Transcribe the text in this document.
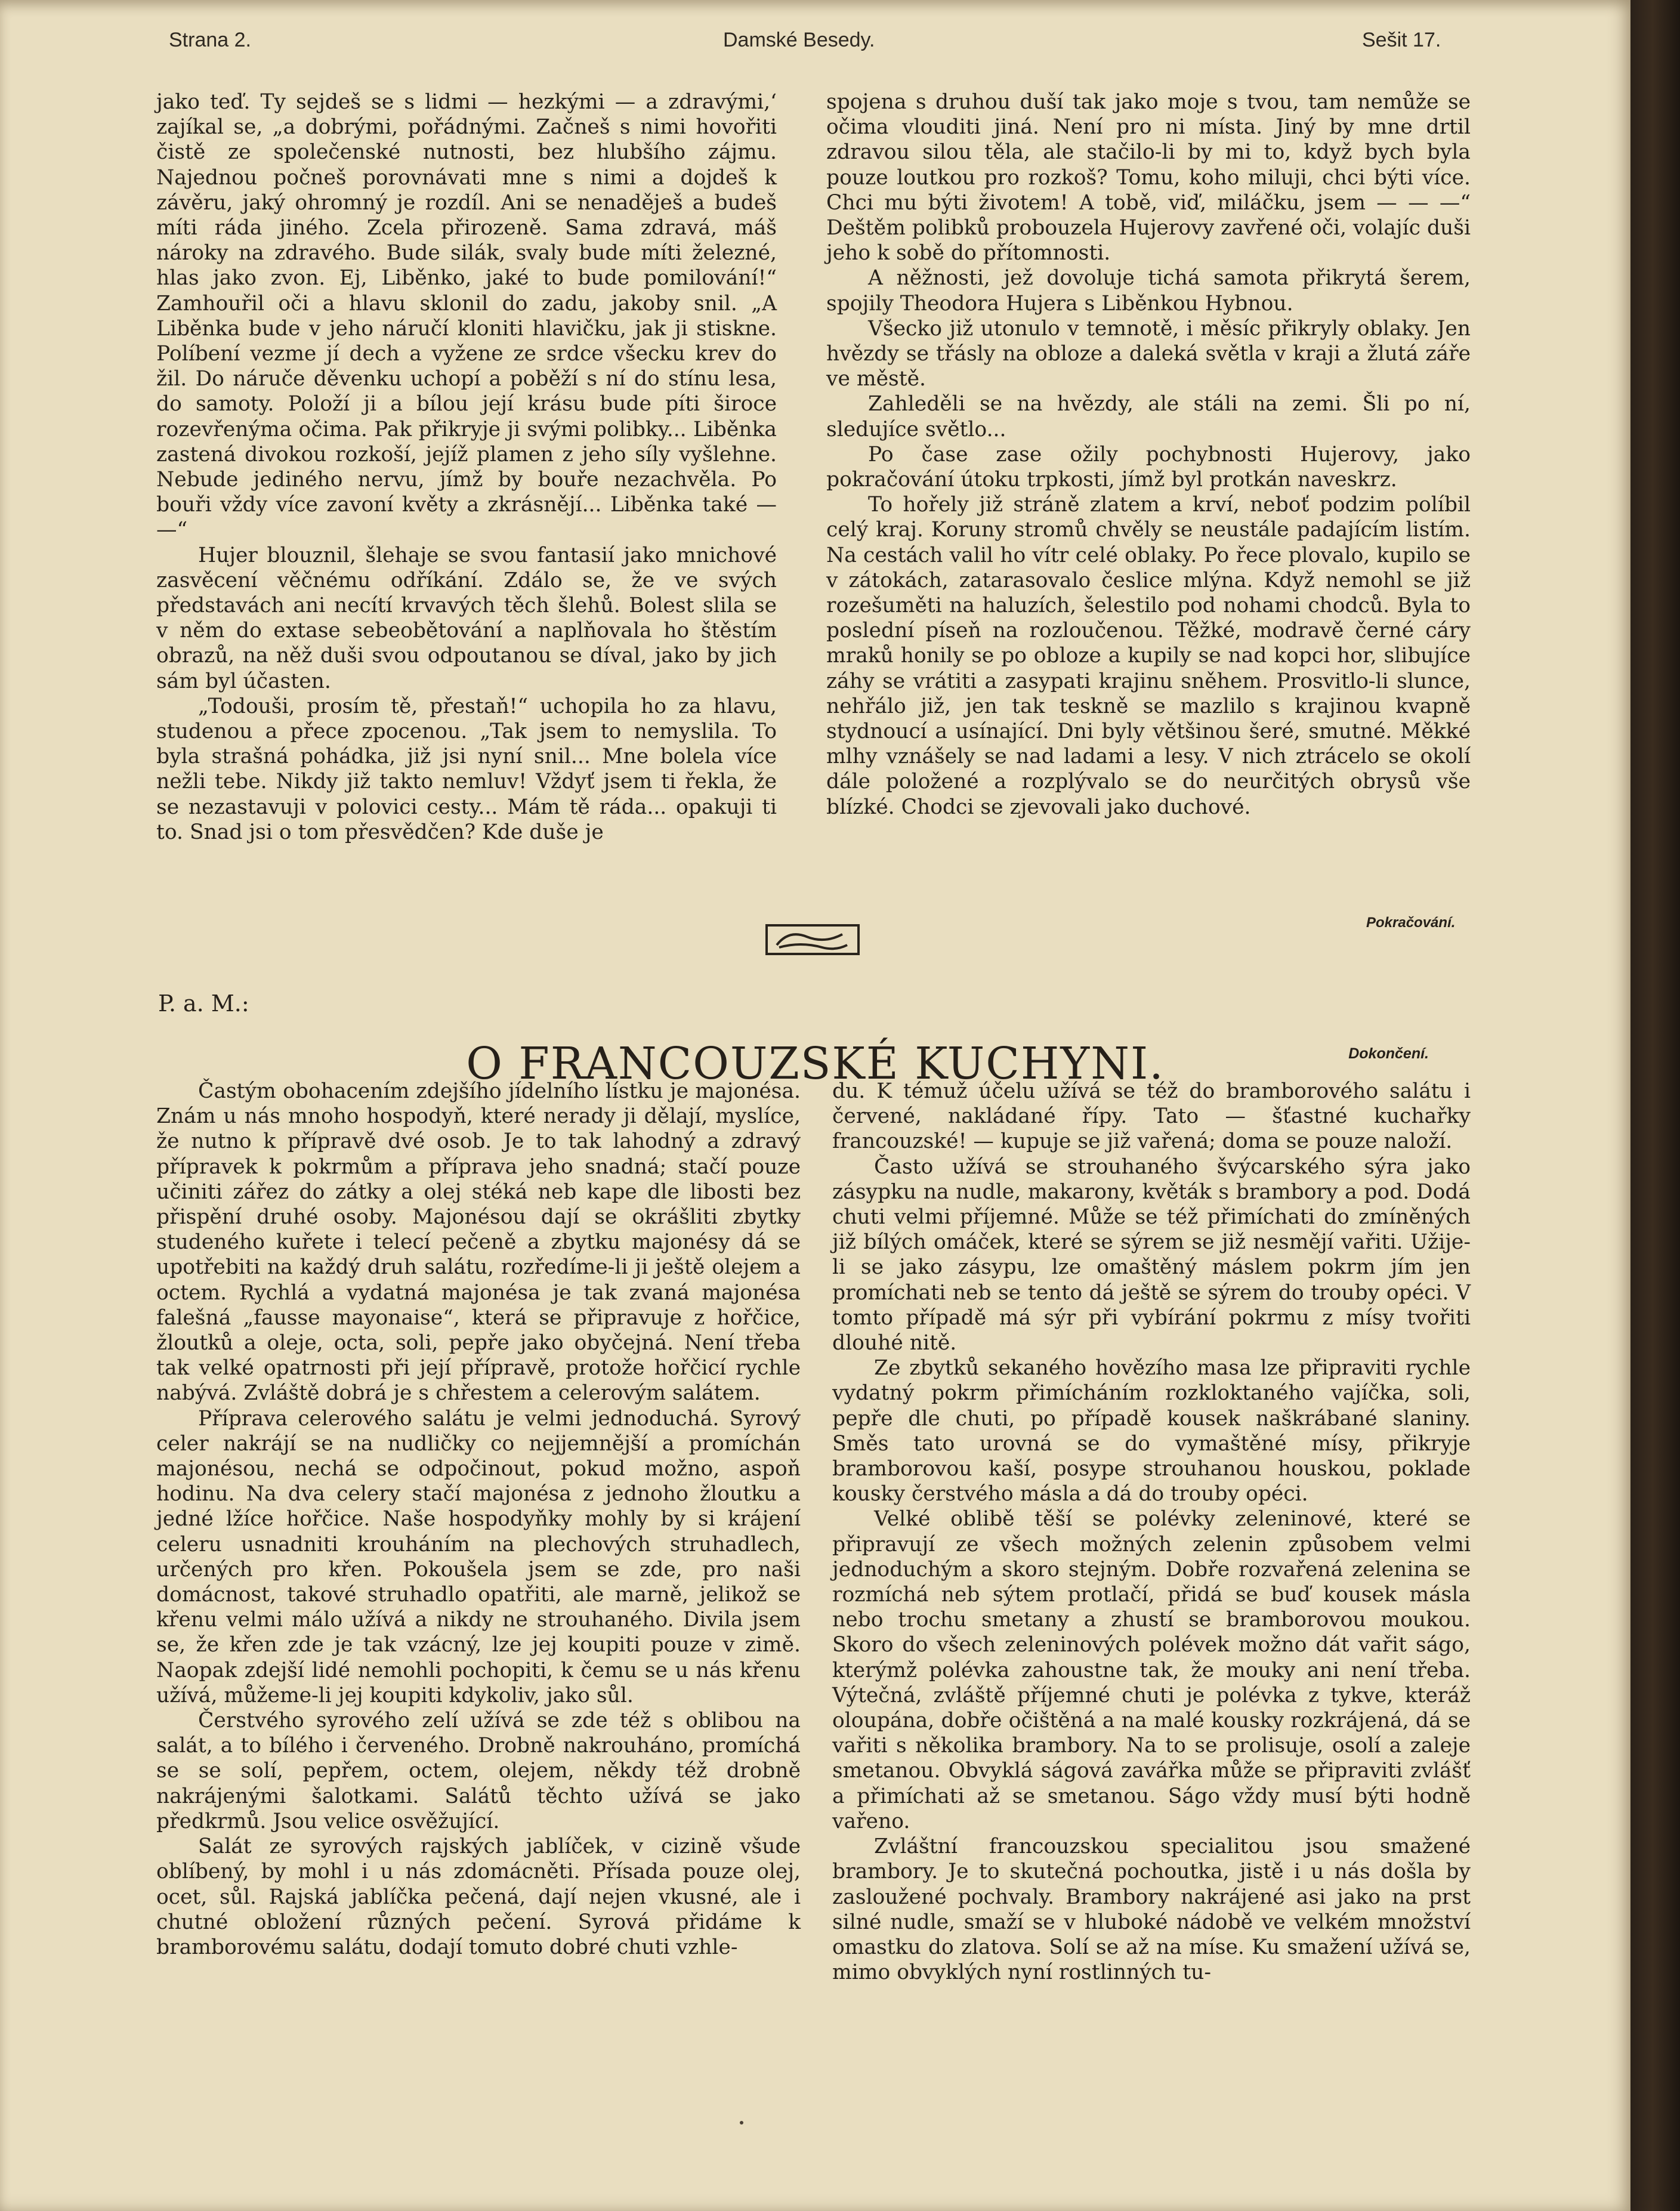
Strana 2.	Damské Besedy.	Sešit 17.

jako teď. Ty sejdeš se s lidmi — hezkými — a zdravými,‘ zajíkal se, „a dobrými, pořádnými. Začneš s nimi hovořiti čistě ze společenské nutnosti, bez hlubšího zájmu. Najednou počneš porovnávati mne s nimi a dojdeš k závěru, jaký ohromný je rozdíl. Ani se nenaděješ a budeš míti ráda jiného. Zcela přirozeně. Sama zdravá, máš nároky na zdravého. Bude silák, svaly bude míti železné, hlas jako zvon. Ej, Liběnko, jaké to bude pomilování!“ Zamhouřil oči a hlavu sklonil do zadu, jakoby snil. „A Liběnka bude v jeho náručí kloniti hlavičku, jak ji stiskne. Políbení vezme jí dech a vyžene ze srdce všecku krev do žil. Do náruče děvenku uchopí a poběží s ní do stínu lesa, do samoty. Položí ji a bílou její krásu bude píti široce rozevřenýma očima. Pak přikryje ji svými polibky... Liběnka zastená divokou rozkoší, jejíž plamen z jeho síly vyšlehne. Nebude jediného nervu, jímž by bouře nezachvěla. Po bouři vždy více zavoní květy a zkrásnějí... Liběnka také — —“

Hujer blouznil, šlehaje se svou fantasií jako mnichové zasvěcení věčnému odříkání. Zdálo se, že ve svých představách ani necítí krvavých těch šlehů. Bolest slila se v něm do extase sebeobětování a naplňovala ho štěstím obrazů, na něž duši svou odpoutanou se díval, jako by jich sám byl účasten.

„Todouši, prosím tě, přestaň!“ uchopila ho za hlavu, studenou a přece zpocenou. „Tak jsem to nemyslila. To byla strašná pohádka, již jsi nyní snil... Mne bolela více nežli tebe. Nikdy již takto nemluv! Vždyť jsem ti řekla, že se nezastavuji v polovici cesty... Mám tě ráda... opakuji ti to. Snad jsi o tom přesvědčen? Kde duše je

spojena s druhou duší tak jako moje s tvou, tam nemůže se očima vlouditi jiná. Není pro ni místa. Jiný by mne drtil zdravou silou těla, ale stačilo-li by mi to, když bych byla pouze loutkou pro rozkoš? Tomu, koho miluji, chci býti více. Chci mu býti životem! A tobě, viď, miláčku, jsem — — —“ Deštěm polibků probouzela Hujerovy zavřené oči, volajíc duši jeho k sobě do přítomnosti.

A něžnosti, jež dovoluje tichá samota přikrytá šerem, spojily Theodora Hujera s Liběnkou Hybnou.

Všecko již utonulo v temnotě, i měsíc přikryly oblaky. Jen hvězdy se třásly na obloze a daleká světla v kraji a žlutá záře ve městě.

Zahleděli se na hvězdy, ale stáli na zemi. Šli po ní, sledujíce světlo...

Po čase zase ožily pochybnosti Hujerovy, jako pokračování útoku trpkosti, jímž byl protkán naveskrz.

To hořely již stráně zlatem a krví, neboť podzim políbil celý kraj. Koruny stromů chvěly se neustále padajícím listím. Na cestách valil ho vítr celé oblaky. Po řece plovalo, kupilo se v zátokách, zatarasovalo česlice mlýna. Když nemohl se již rozešuměti na haluzích, šelestilo pod nohami chodců. Byla to poslední píseň na rozloučenou. Těžké, modravě černé cáry mraků honily se po obloze a kupily se nad kopci hor, slibujíce záhy se vrátiti a zasypati krajinu sněhem. Prosvitlo-li slunce, nehřálo již, jen tak teskně se mazlilo s krajinou kvapně stydnoucí a usínající. Dni byly většinou šeré, smutné. Měkké mlhy vznášely se nad ladami a lesy. V nich ztrácelo se okolí dále položené a rozplývalo se do neurčitých obrysů vše blízké. Chodci se zjevovali jako duchové.

Pokračování.
P. a. M.:
O FRANCOUZSKÉ KUCHYNI.	Dokončení.

Častým obohacením zdejšího jídelního lístku je majonésa. Znám u nás mnoho hospodyň, které nerady ji dělají, myslíce, že nutno k přípravě dvé osob. Je to tak lahodný a zdravý přípravek k pokrmům a příprava jeho snadná; stačí pouze učiniti zářez do zátky a olej stéká neb kape dle libosti bez přispění druhé osoby. Majonésou dají se okrášliti zbytky studeného kuřete i telecí pečeně a zbytku majonésy dá se upotřebiti na každý druh salátu, rozředíme-li ji ještě olejem a octem. Rychlá a vydatná majonésa je tak zvaná majonésa falešná „fausse mayonaise“, která se připravuje z hořčice, žloutků a oleje, octa, soli, pepře jako obyčejná. Není třeba tak velké opatrnosti při její přípravě, protože hořčicí rychle nabývá. Zvláště dobrá je s chřestem a celerovým salátem.

Příprava celerového salátu je velmi jednoduchá. Syrový celer nakrájí se na nudličky co nejjemnější a promíchán majonésou, nechá se odpočinout, pokud možno, aspoň hodinu. Na dva celery stačí majonésa z jednoho žloutku a jedné lžíce hořčice. Naše hospodyňky mohly by si krájení celeru usnadniti krouháním na plechových struhadlech, určených pro křen. Pokoušela jsem se zde, pro naši domácnost, takové struhadlo opatřiti, ale marně, jelikož se křenu velmi málo užívá a nikdy ne strouhaného. Divila jsem se, že křen zde je tak vzácný, lze jej koupiti pouze v zimě. Naopak zdejší lidé nemohli pochopiti, k čemu se u nás křenu užívá, můžeme-li jej koupiti kdykoliv, jako sůl.

Čerstvého syrového zelí užívá se zde též s oblibou na salát, a to bílého i červeného. Drobně nakrouháno, promíchá se se solí, pepřem, octem, olejem, někdy též drobně nakrájenými šalotkami. Salátů těchto užívá se jako předkrmů. Jsou velice osvěžující.

Salát ze syrových rajských jablíček, v cizině všude oblíbený, by mohl i u nás zdomácněti. Přísada pouze olej, ocet, sůl. Rajská jablíčka pečená, dají nejen vkusné, ale i chutné obložení různých pečení. Syrová přidáme k bramborovému salátu, dodají tomuto dobré chuti vzhle-

du. K témuž účelu užívá se též do bramborového salátu i červené, nakládané řípy. Tato — šťastné kuchařky francouzské! — kupuje se již vařená; doma se pouze naloží.

Často užívá se strouhaného švýcarského sýra jako zásypku na nudle, makarony, květák s brambory a pod. Dodá chuti velmi příjemné. Může se též přimíchati do zmíněných již bílých omáček, které se sýrem se již nesmějí vařiti. Užije-li se jako zásypu, lze omaštěný máslem pokrm jím jen promíchati neb se tento dá ještě se sýrem do trouby opéci. V tomto případě má sýr při vybírání pokrmu z mísy tvořiti dlouhé nitě.

Ze zbytků sekaného hovězího masa lze připraviti rychle vydatný pokrm přimícháním rozkloktaného vajíčka, soli, pepře dle chuti, po případě kousek naškrábané slaniny. Směs tato urovná se do vymaštěné mísy, přikryje bramborovou kaší, posype strouhanou houskou, poklade kousky čerstvého másla a dá do trouby opéci.

Velké oblibě těší se polévky zeleninové, které se připravují ze všech možných zelenin způsobem velmi jednoduchým a skoro stejným. Dobře rozvařená zelenina se rozmíchá neb sýtem protlačí, přidá se buď kousek másla nebo trochu smetany a zhustí se bramborovou moukou. Skoro do všech zeleninových polévek možno dát vařit ságo, kterýmž polévka zahoustne tak, že mouky ani není třeba. Výtečná, zvláště příjemné chuti je polévka z tykve, kteráž oloupána, dobře očištěná a na malé kousky rozkrájená, dá se vařiti s několika brambory. Na to se prolisuje, osolí a zaleje smetanou. Obvyklá ságová zavářka může se připraviti zvlášť a přimíchati až se smetanou. Ságo vždy musí býti hodně vařeno.

Zvláštní francouzskou specialitou jsou smažené brambory. Je to skutečná pochoutka, jistě i u nás došla by zasloužené pochvaly. Brambory nakrájené asi jako na prst silné nudle, smaží se v hluboké nádobě ve velkém množství omastku do zlatova. Solí se až na míse. Ku smažení užívá se, mimo obvyklých nyní rostlinných tu-
